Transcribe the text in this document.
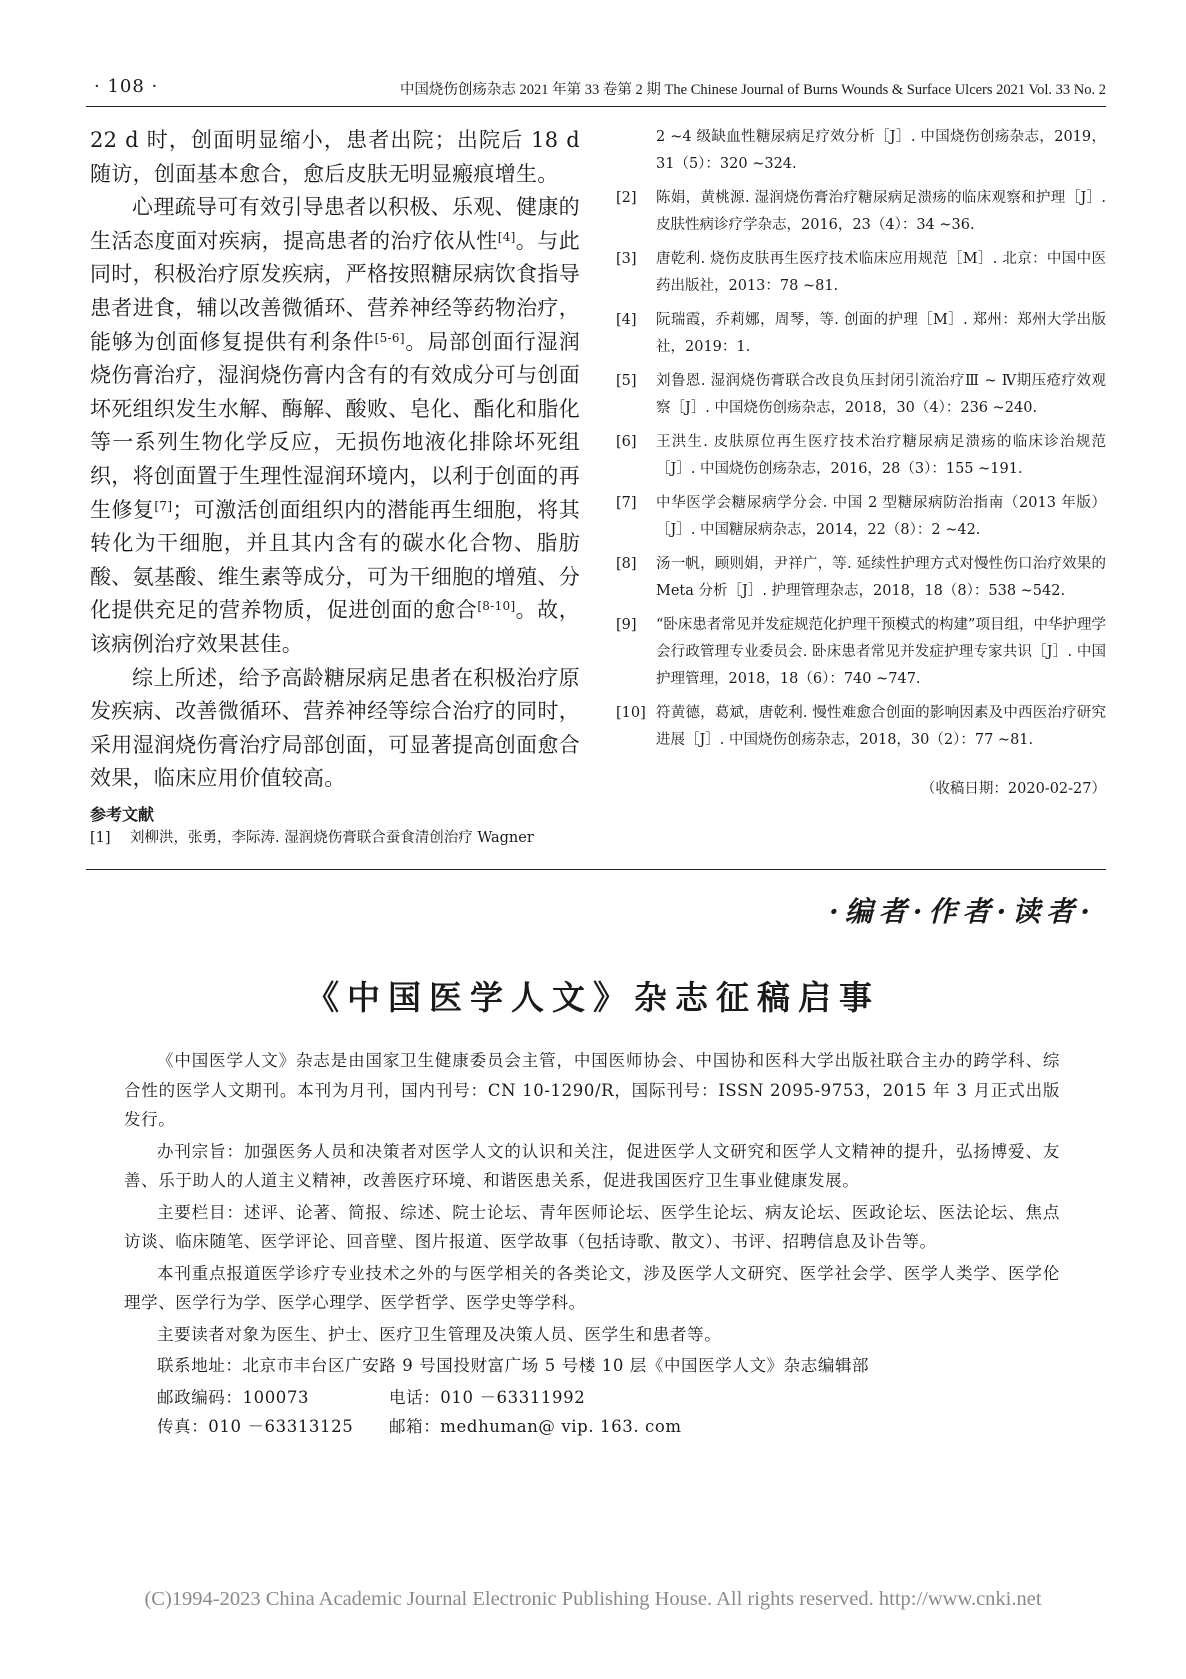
· 108 ·	中国烧伤创疡杂志 2021 年第 33 卷第 2 期 The Chinese Journal of Burns Wounds & Surface Ulcers 2021 Vol. 33 No. 2

22 d 时，创面明显缩小，患者出院；出院后 18 d 随访，创面基本愈合，愈后皮肤无明显瘢痕增生。

心理疏导可有效引导患者以积极、乐观、健康的生活态度面对疾病，提高患者的治疗依从性[4]。与此同时，积极治疗原发疾病，严格按照糖尿病饮食指导患者进食，辅以改善微循环、营养神经等药物治疗，能够为创面修复提供有利条件[5-6]。局部创面行湿润烧伤膏治疗，湿润烧伤膏内含有的有效成分可与创面坏死组织发生水解、酶解、酸败、皂化、酯化和脂化等一系列生物化学反应，无损伤地液化排除坏死组织，将创面置于生理性湿润环境内，以利于创面的再生修复[7]；可激活创面组织内的潜能再生细胞，将其转化为干细胞，并且其内含有的碳水化合物、脂肪酸、氨基酸、维生素等成分，可为干细胞的增殖、分化提供充足的营养物质，促进创面的愈合[8-10]。故，该病例治疗效果甚佳。

综上所述，给予高龄糖尿病足患者在积极治疗原发疾病、改善微循环、营养神经等综合治疗的同时，采用湿润烧伤膏治疗局部创面，可显著提高创面愈合效果，临床应用价值较高。

参考文献
[1] 刘柳洪，张勇，李际涛. 湿润烧伤膏联合蚕食清创治疗 Wagner
2 ~4 级缺血性糖尿病足疗效分析［J］. 中国烧伤创疡杂志，2019，31（5）：320 ~324.
[2] 陈娟，黄桃源. 湿润烧伤膏治疗糖尿病足溃疡的临床观察和护理［J］. 皮肤性病诊疗学杂志，2016，23（4）：34 ~36.
[3] 唐乾利. 烧伤皮肤再生医疗技术临床应用规范［M］. 北京：中国中医药出版社，2013：78 ~81.
[4] 阮瑞霞，乔莉娜，周琴，等. 创面的护理［M］. 郑州：郑州大学出版社，2019：1.
[5] 刘鲁恩. 湿润烧伤膏联合改良负压封闭引流治疗Ⅲ ~ Ⅳ期压疮疗效观察［J］. 中国烧伤创疡杂志，2018，30（4）：236 ~240.
[6] 王洪生. 皮肤原位再生医疗技术治疗糖尿病足溃疡的临床诊治规范［J］. 中国烧伤创疡杂志，2016，28（3）：155 ~191.
[7] 中华医学会糖尿病学分会. 中国 2 型糖尿病防治指南（2013 年版）［J］. 中国糖尿病杂志，2014，22（8）：2 ~42.
[8] 汤一帆，顾则娟，尹祥广，等. 延续性护理方式对慢性伤口治疗效果的 Meta 分析［J］. 护理管理杂志，2018，18（8）：538 ~542.
[9] “卧床患者常见并发症规范化护理干预模式的构建”项目组，中华护理学会行政管理专业委员会. 卧床患者常见并发症护理专家共识［J］. 中国护理管理，2018，18（6）：740 ~747.
[10] 符黄德，葛斌，唐乾利. 慢性难愈合创面的影响因素及中西医治疗研究进展［J］. 中国烧伤创疡杂志，2018，30（2）：77 ~81.
（收稿日期：2020-02-27）
·编者·作者·读者·
《中国医学人文》杂志征稿启事

《中国医学人文》杂志是由国家卫生健康委员会主管，中国医师协会、中国协和医科大学出版社联合主办的跨学科、综合性的医学人文期刊。本刊为月刊，国内刊号：CN 10-1290/R，国际刊号：ISSN 2095-9753，2015 年 3 月正式出版发行。

办刊宗旨：加强医务人员和决策者对医学人文的认识和关注，促进医学人文研究和医学人文精神的提升，弘扬博爱、友善、乐于助人的人道主义精神，改善医疗环境、和谐医患关系，促进我国医疗卫生事业健康发展。

主要栏目：述评、论著、简报、综述、院士论坛、青年医师论坛、医学生论坛、病友论坛、医政论坛、医法论坛、焦点访谈、临床随笔、医学评论、回音壁、图片报道、医学故事（包括诗歌、散文）、书评、招聘信息及讣告等。

本刊重点报道医学诊疗专业技术之外的与医学相关的各类论文，涉及医学人文研究、医学社会学、医学人类学、医学伦理学、医学行为学、医学心理学、医学哲学、医学史等学科。

主要读者对象为医生、护士、医疗卫生管理及决策人员、医学生和患者等。

联系地址：北京市丰台区广安路 9 号国投财富广场 5 号楼 10 层《中国医学人文》杂志编辑部

邮政编码：100073	电话：010 －63311992
传真：010 －63313125 邮箱：medhuman@ vip. 163. com
(C)1994-2023 China Academic Journal Electronic Publishing House. All rights reserved. http://www.cnki.net
